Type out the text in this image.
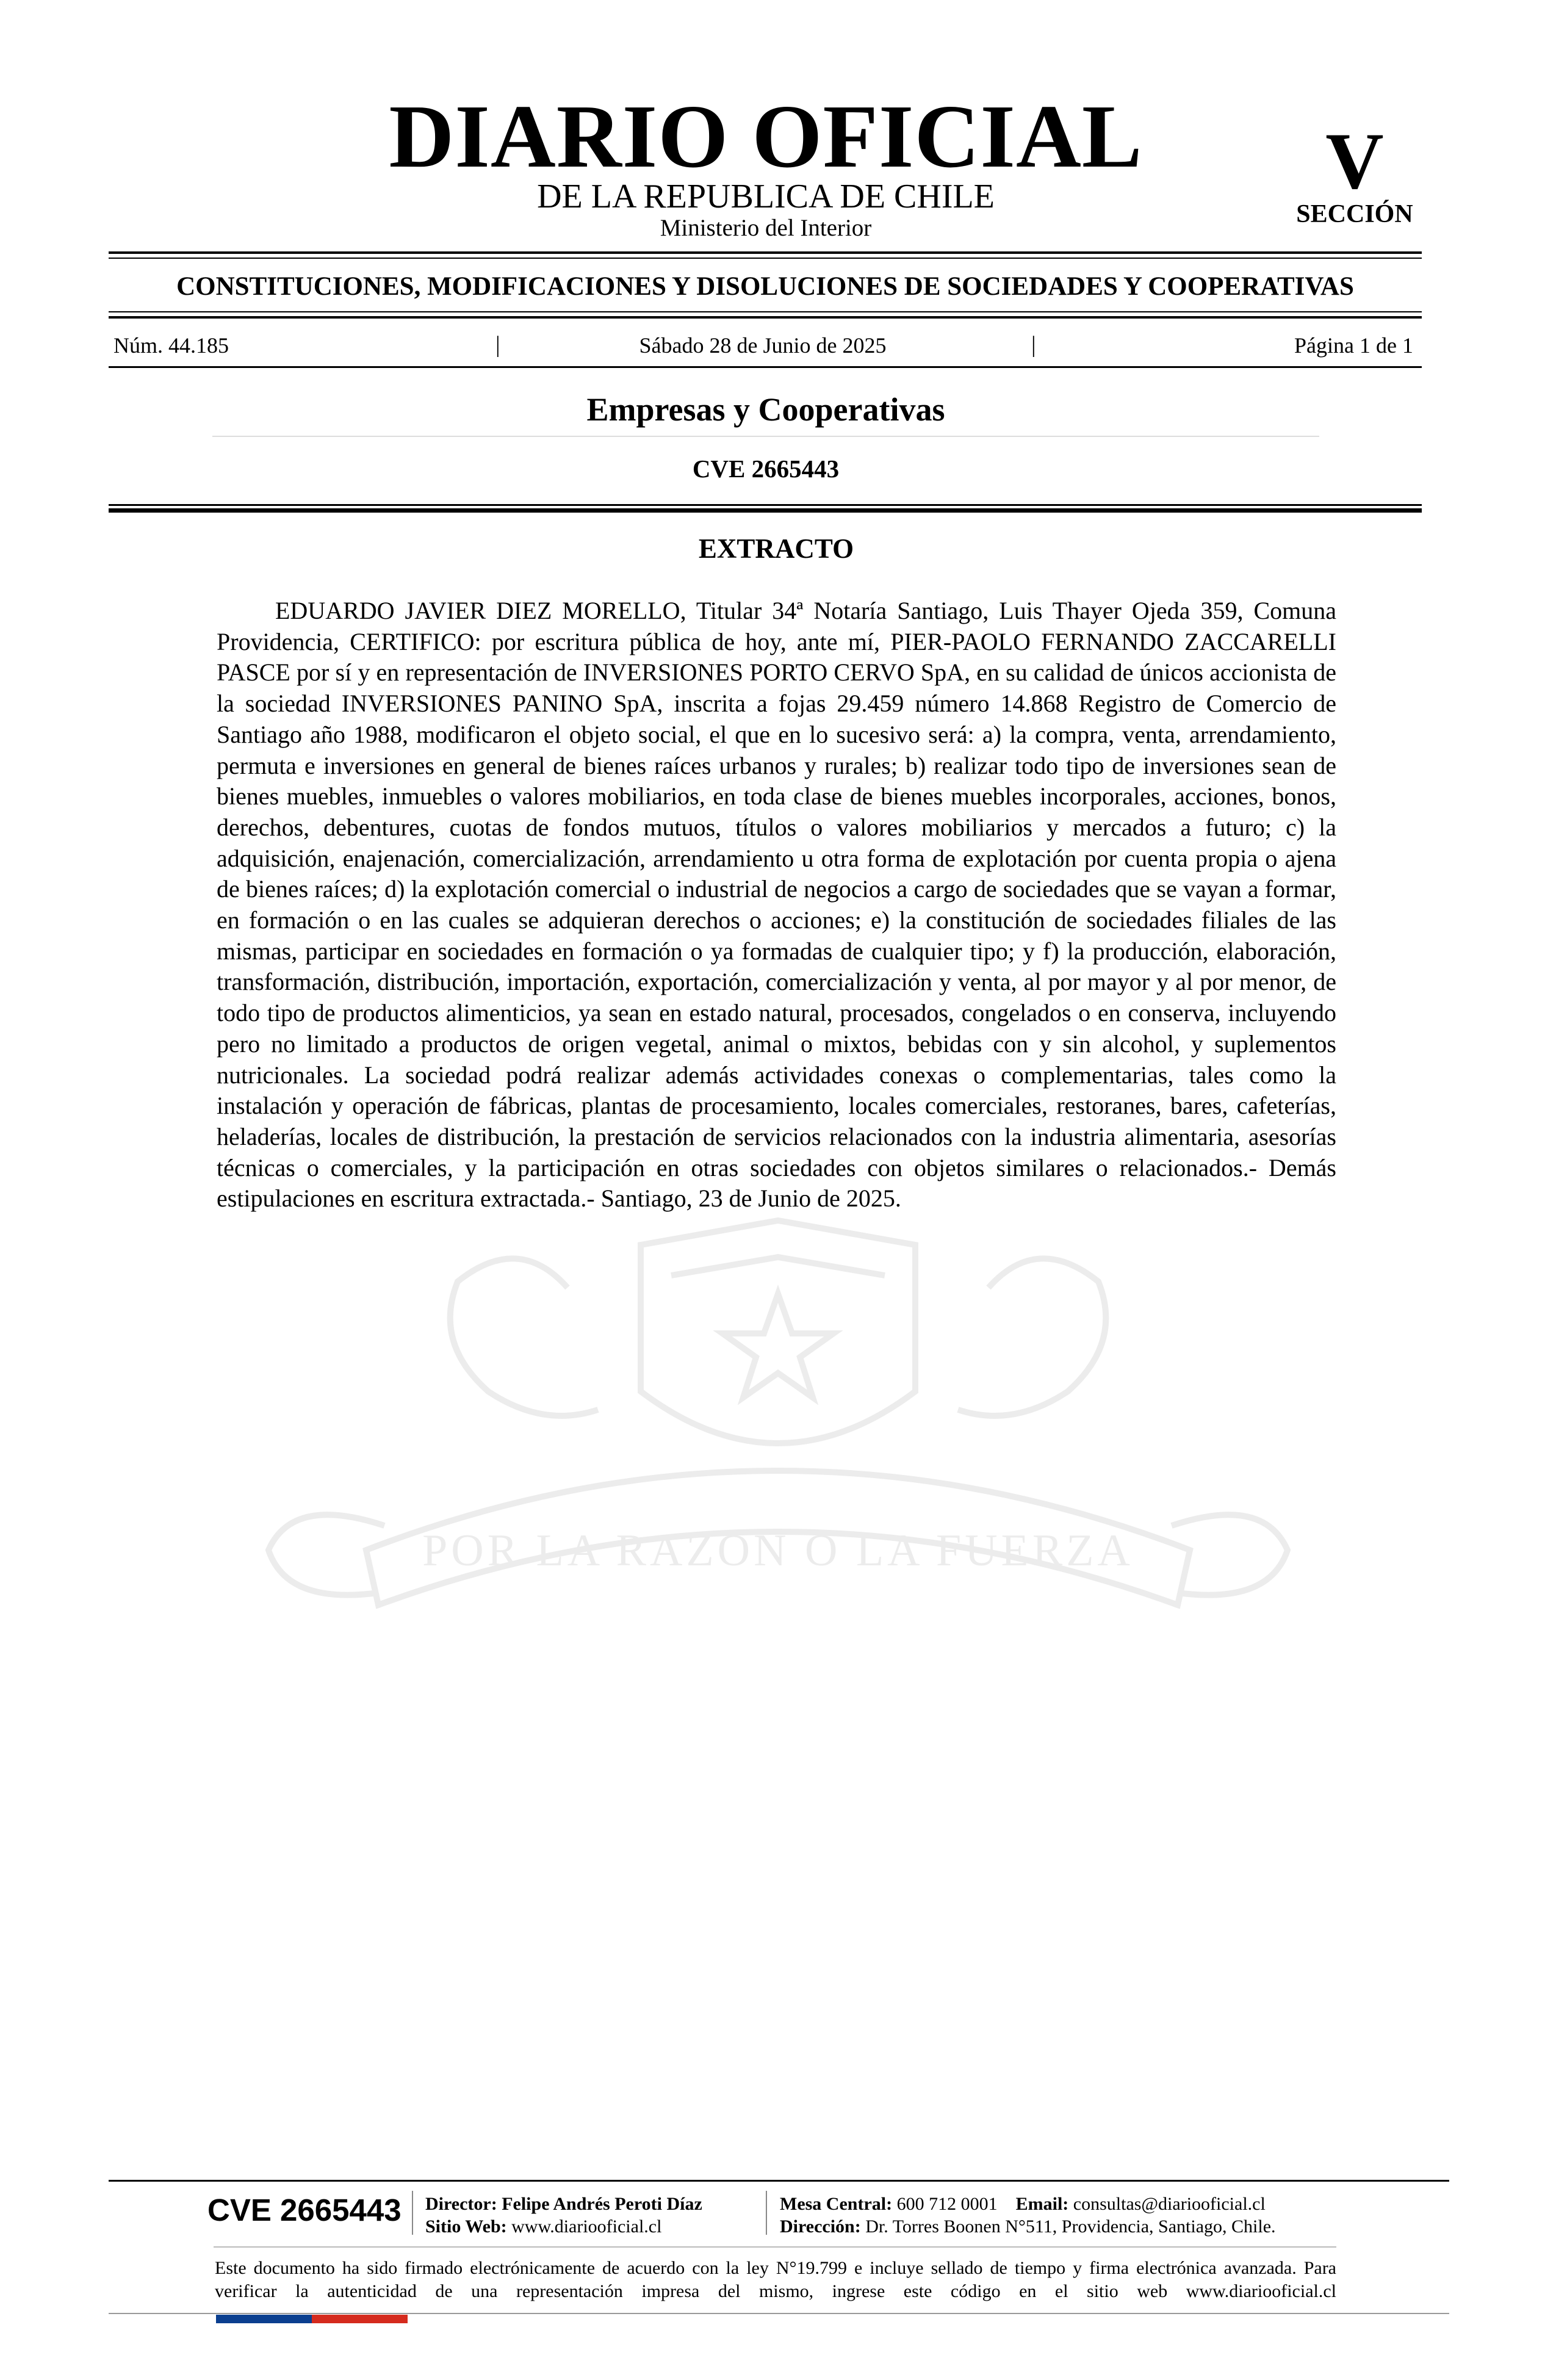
DIARIO OFICIAL
DE LA REPUBLICA DE CHILE
Ministerio del Interior
V
SECCIÓN
CONSTITUCIONES, MODIFICACIONES Y DISOLUCIONES DE SOCIEDADES Y COOPERATIVAS
Núm. 44.185	|	Sábado 28 de Junio de 2025	|	Página 1 de 1
Empresas y Cooperativas
CVE 2665443
POR LA RAZON O LA FUERZA
EXTRACTO
EDUARDO JAVIER DIEZ MORELLO, Titular 34ª Notaría Santiago, Luis Thayer Ojeda 359, Comuna Providencia, CERTIFICO: por escritura pública de hoy, ante mí, PIER-PAOLO FERNANDO ZACCARELLI PASCE por sí y en representación de INVERSIONES PORTO CERVO SpA, en su calidad de únicos accionista de la sociedad INVERSIONES PANINO SpA, inscrita a fojas 29.459 número 14.868 Registro de Comercio de Santiago año 1988, modificaron el objeto social, el que en lo sucesivo será: a) la compra, venta, arrendamiento, permuta e inversiones en general de bienes raíces urbanos y rurales; b) realizar todo tipo de inversiones sean de bienes muebles, inmuebles o valores mobiliarios, en toda clase de bienes muebles incorporales, acciones, bonos, derechos, debentures, cuotas de fondos mutuos, títulos o valores mobiliarios y mercados a futuro; c) la adquisición, enajenación, comercialización, arrendamiento u otra forma de explotación por cuenta propia o ajena de bienes raíces; d) la explotación comercial o industrial de negocios a cargo de sociedades que se vayan a formar, en formación o en las cuales se adquieran derechos o acciones; e) la constitución de sociedades filiales de las mismas, participar en sociedades en formación o ya formadas de cualquier tipo; y f) la producción, elaboración, transformación, distribución, importación, exportación, comercialización y venta, al por mayor y al por menor, de todo tipo de productos alimenticios, ya sean en estado natural, procesados, congelados o en conserva, incluyendo pero no limitado a productos de origen vegetal, animal o mixtos, bebidas con y sin alcohol, y suplementos nutricionales. La sociedad podrá realizar además actividades conexas o complementarias, tales como la instalación y operación de fábricas, plantas de procesamiento, locales comerciales, restoranes, bares, cafeterías, heladerías, locales de distribución, la prestación de servicios relacionados con la industria alimentaria, asesorías técnicas o comerciales, y la participación en otras sociedades con objetos similares o relacionados.- Demás estipulaciones en escritura extractada.- Santiago, 23 de Junio de 2025.
CVE 2665443 Director: Felipe Andrés Peroti Díaz
Sitio Web: www.diariooficial.cl
Mesa Central: 600 712 0001 Email: consultas@diariooficial.cl
Dirección: Dr. Torres Boonen N°511, Providencia, Santiago, Chile.
Este documento ha sido firmado electrónicamente de acuerdo con la ley N°19.799 e incluye sellado de tiempo y firma electrónica avanzada. Para verificar la autenticidad de una representación impresa del mismo, ingrese este código en el sitio web www.diariooficial.cl
